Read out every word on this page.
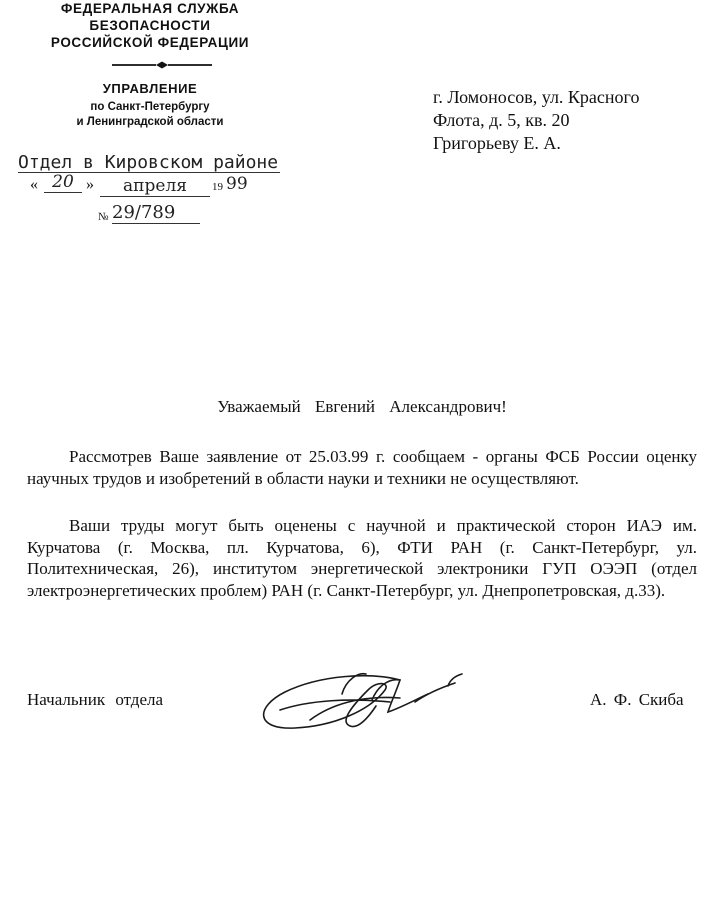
ФЕДЕРАЛЬНАЯ СЛУЖБА
БЕЗОПАСНОСТИ
РОССИЙСКОЙ ФЕДЕРАЦИИ
УПРАВЛЕНИЕ
по Санкт-Петербургу
и Ленинградской области
Отдел в Кировском районе
« 20 »	апреля	19 99
№ 29/789
г. Ломоносов, ул. Красного
Флота, д. 5, кв. 20
Григорьеву Е. А.
Уважаемый Евгений Александрович!
Рассмотрев Ваше заявление от 25.03.99 г. сообщаем - органы ФСБ России оценку научных трудов и изобретений в области науки и техники не осуществляют.
Ваши труды могут быть оценены с научной и практической сторон ИАЭ им. Курчатова (г. Москва, пл. Курчатова, 6), ФТИ РАН (г. Санкт-Петербург, ул. Политехническая, 26), институтом энергетической электроники ГУП ОЭЭП (отдел электроэнергетических проблем) РАН (г. Санкт-Петербург, ул. Днепропетровская, д.33).
Начальник отдела	А. Ф. Скиба
